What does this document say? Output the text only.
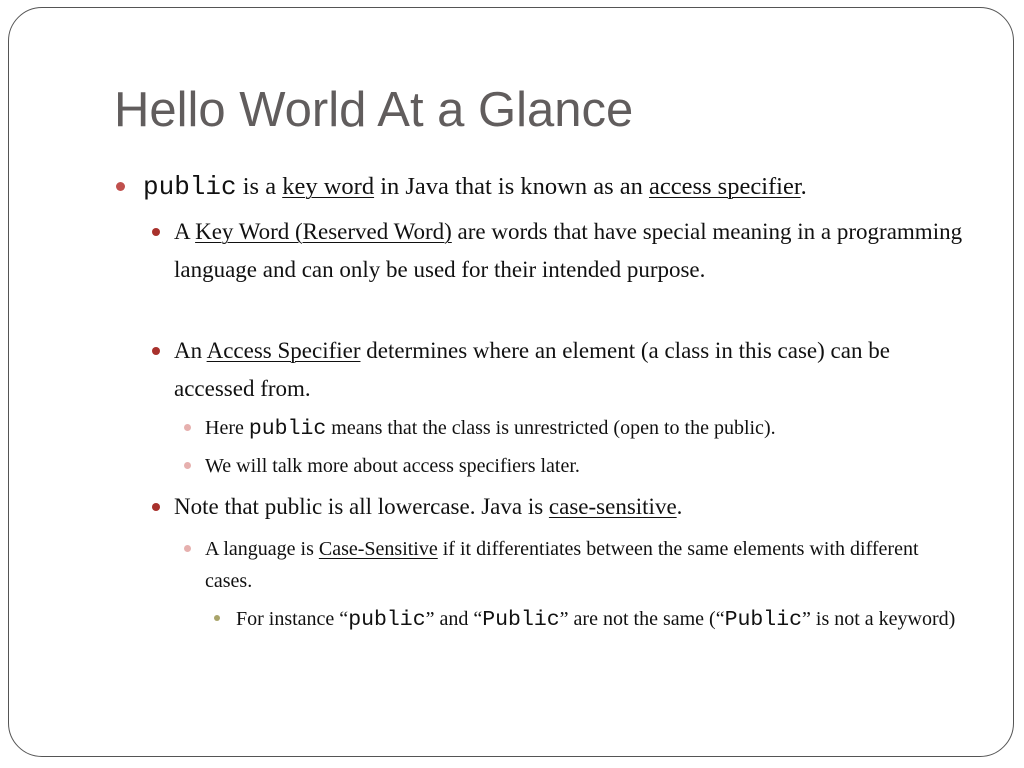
Hello World At a Glance

public is a key word in Java that is known as an access specifier.

A Key Word (Reserved Word) are words that have special meaning in a programming language and can only be used for their intended purpose.

An Access Specifier determines where an element (a class in this case) can be accessed from.

Here public means that the class is unrestricted (open to the public).

We will talk more about access specifiers later.

Note that public is all lowercase. Java is case-sensitive.

A language is Case-Sensitive if it differentiates between the same elements with different cases.

For instance “public” and “Public” are not the same (“Public” is not a keyword)
